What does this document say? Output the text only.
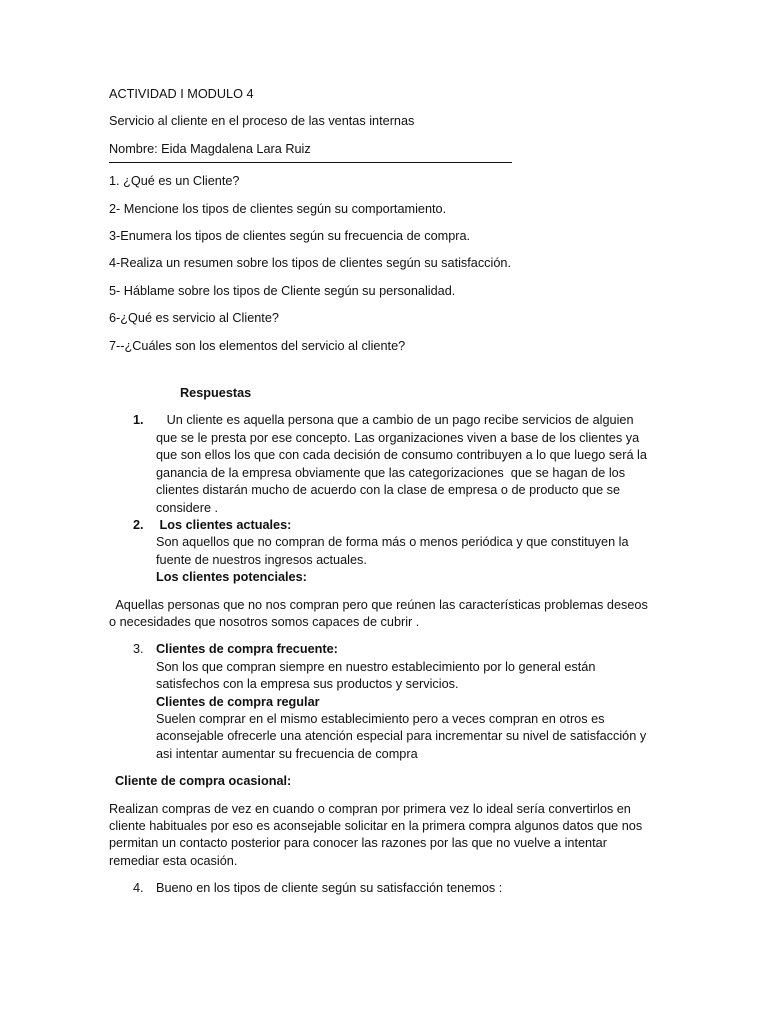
ACTIVIDAD I MODULO 4

Servicio al cliente en el proceso de las ventas internas

Nombre: Eida Magdalena Lara Ruiz

1. ¿Qué es un Cliente?

2- Mencione los tipos de clientes según su comportamiento.

3-Enumera los tipos de clientes según su frecuencia de compra.

4-Realiza un resumen sobre los tipos de clientes según su satisfacción.

5- Háblame sobre los tipos de Cliente según su personalidad.

6-¿Qué es servicio al Cliente?

7--¿Cuáles son los elementos del servicio al cliente?

Respuestas

1. Un cliente es aquella persona que a cambio de un pago recibe servicios de alguien

que se le presta por ese concepto. Las organizaciones viven a base de los clientes ya

que son ellos los que con cada decisión de consumo contribuyen a lo que luego será la

ganancia de la empresa obviamente que las categorizaciones  que se hagan de los

clientes distarán mucho de acuerdo con la clase de empresa o de producto que se

considere .

2. Los clientes actuales:

Son aquellos que no compran de forma más o menos periódica y que constituyen la

fuente de nuestros ingresos actuales.

Los clientes potenciales:

Aquellas personas que no nos compran pero que reúnen las características problemas deseos

o necesidades que nosotros somos capaces de cubrir .

3. Clientes de compra frecuente:

Son los que compran siempre en nuestro establecimiento por lo general están

satisfechos con la empresa sus productos y servicios.

Clientes de compra regular

Suelen comprar en el mismo establecimiento pero a veces compran en otros es

aconsejable ofrecerle una atención especial para incrementar su nivel de satisfacción y

asi intentar aumentar su frecuencia de compra

Cliente de compra ocasional:

Realizan compras de vez en cuando o compran por primera vez lo ideal sería convertirlos en

cliente habituales por eso es aconsejable solicitar en la primera compra algunos datos que nos

permitan un contacto posterior para conocer las razones por las que no vuelve a intentar

remediar esta ocasión.

4. Bueno en los tipos de cliente según su satisfacción tenemos :
